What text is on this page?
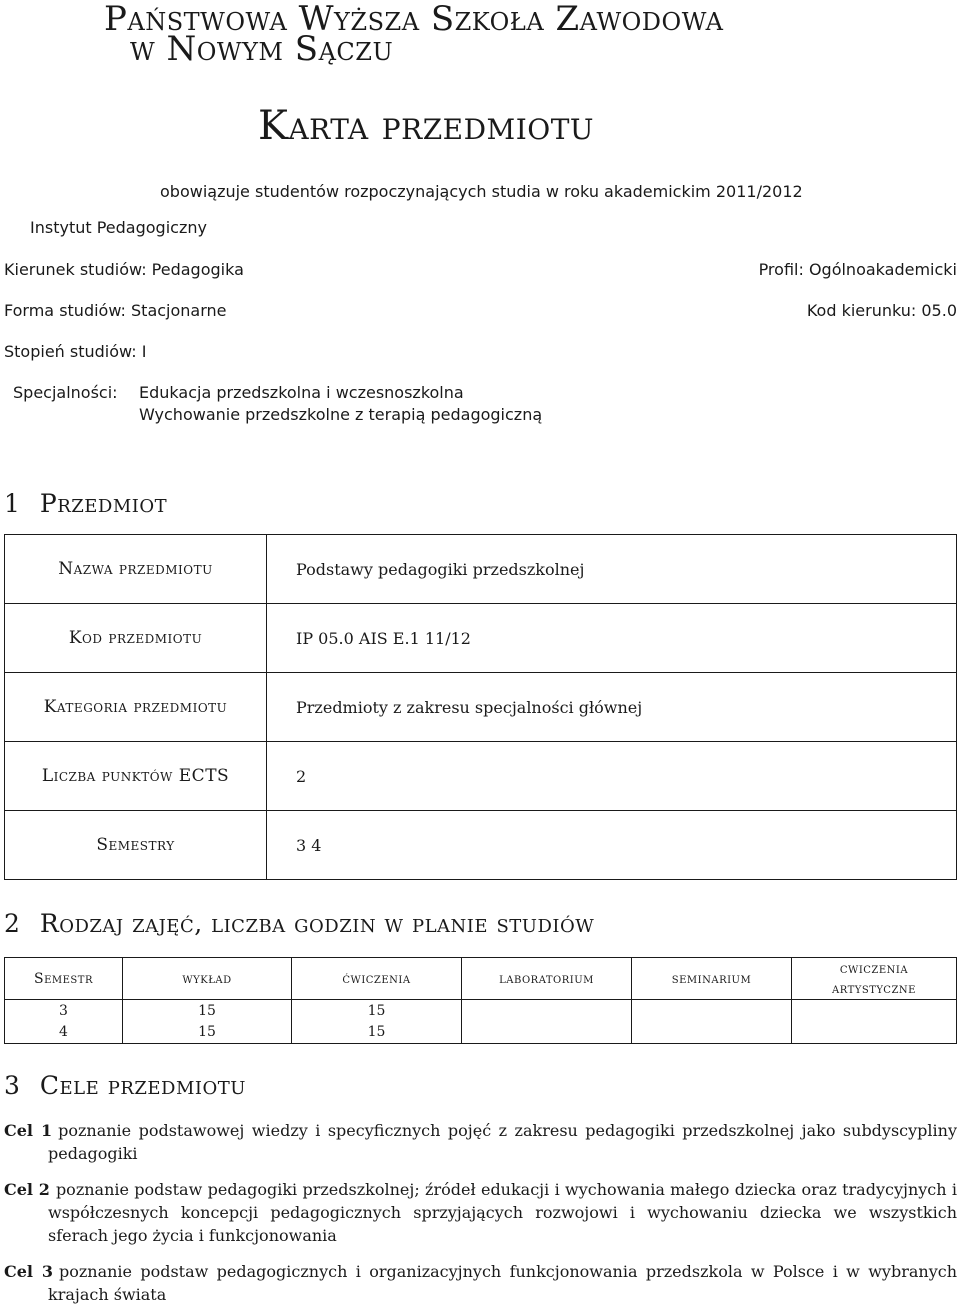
Państwowa Wyższa Szkoła Zawodowa
w Nowym Sączu
Karta przedmiotu
obowiązuje studentów rozpoczynających studia w roku akademickim 2011/2012
Instytut Pedagogiczny
Kierunek studiów: Pedagogika	Profil: Ogólnoakademicki
Forma studiów: Stacjonarne	Kod kierunku: 05.0
Stopień studiów: I
Specjalności: Edukacja przedszkolna i wczesnoszkolna
Wychowanie przedszkolne z terapią pedagogiczną
1 Przedmiot
Nazwa przedmiotu	Podstawy pedagogiki przedszkolnej
Kod przedmiotu	IP 05.0 AIS E.1 11/12
Kategoria przedmiotu	Przedmioty z zakresu specjalności głównej
Liczba punktów ECTS	2
Semestry	3 4
2 Rodzaj zajęć, liczba godzin w planie studiów
Semestr	wykład	ćwiczenia	laboratorium	seminarium	cwiczenia
artystyczne
3	15	15			
4	15	15			
3 Cele przedmiotu
Cel 1 poznanie podstawowej wiedzy i specyficznych pojęć z zakresu pedagogiki przedszkolnej jako subdyscypliny pedagogiki
Cel 2 poznanie podstaw pedagogiki przedszkolnej; źródeł edukacji i wychowania małego dziecka oraz tradycyjnych i współczesnych koncepcji pedagogicznych sprzyjających rozwojowi i wychowaniu dziecka we wszystkich sferach jego życia i funkcjonowania
Cel 3 poznanie podstaw pedagogicznych i organizacyjnych funkcjonowania przedszkola w Polsce i w wybranych krajach świata
